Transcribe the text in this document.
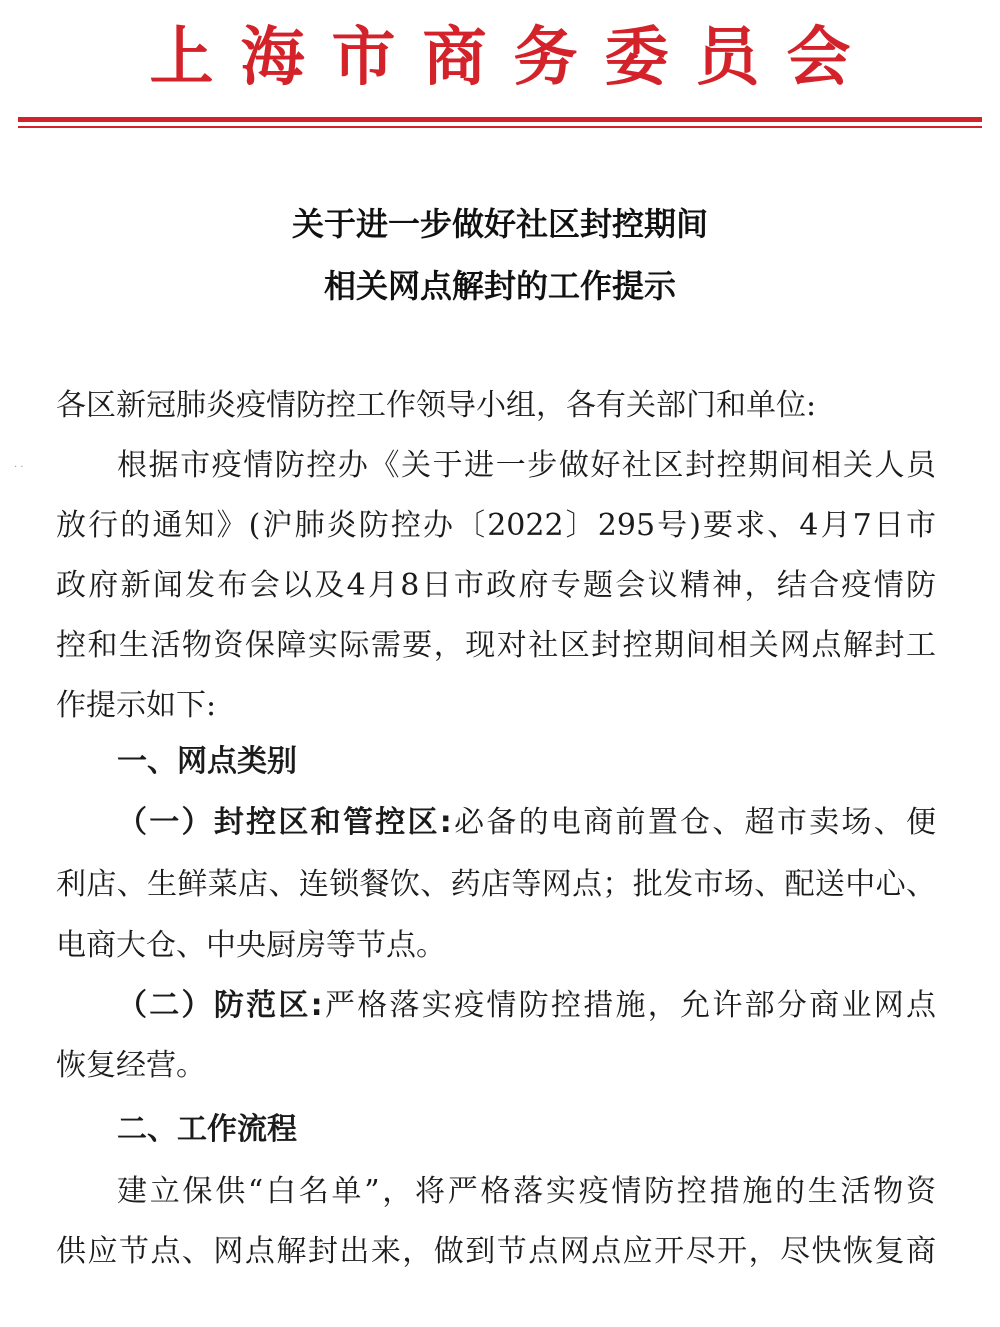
上海市商务委员会
关于进一步做好社区封控期间
相关网点解封的工作提示
· ·
各区新冠肺炎疫情防控工作领导小组，各有关部门和单位:
根据市疫情防控办《关于进一步做好社区封控期间相关人员
放行的通知》(沪肺炎防控办〔2022〕295号)要求、4月7日市
政府新闻发布会以及4月8日市政府专题会议精神，结合疫情防
控和生活物资保障实际需要，现对社区封控期间相关网点解封工
作提示如下:
一、网点类别
（一）封控区和管控区:必备的电商前置仓、超市卖场、便
利店、生鲜菜店、连锁餐饮、药店等网点；批发市场、配送中心、
电商大仓、中央厨房等节点。
（二）防范区:严格落实疫情防控措施，允许部分商业网点
恢复经营。
二、工作流程
建立保供“白名单”，将严格落实疫情防控措施的生活物资
供应节点、网点解封出来，做到节点网点应开尽开，尽快恢复商
